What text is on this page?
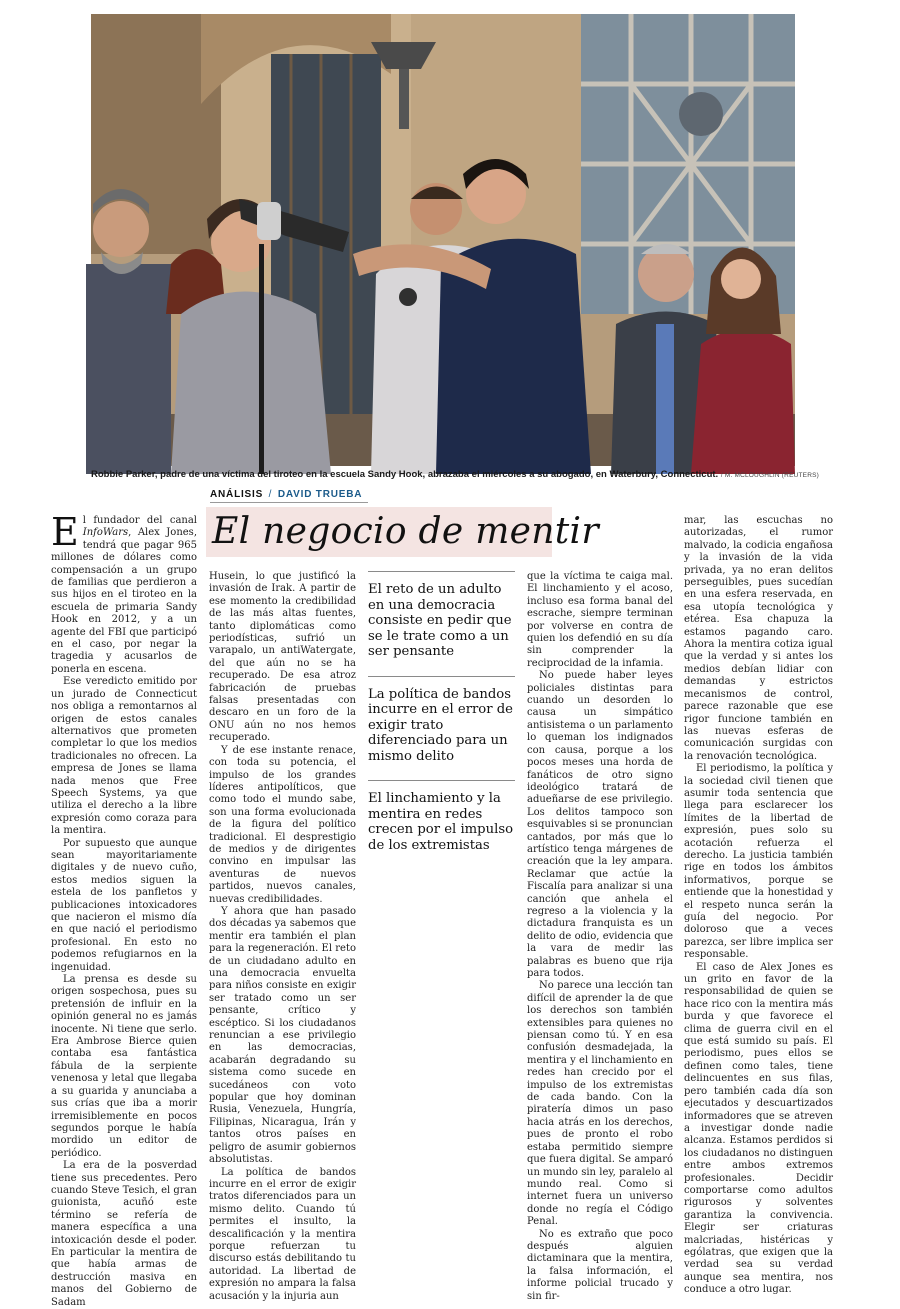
Robbie Parker, padre de una víctima del tiroteo en la escuela Sandy Hook, abrazaba el miércoles a su abogado, en Waterbury, Connecticut. / M. MCLOUGHLIN (REUTERS)
ANÁLISIS / DAVID TRUEBA
El negocio de mentir

El fundador del canal InfoWars, Alex Jones, tendrá que pagar 965 millones de dólares como compensación a un grupo de familias que perdieron a sus hijos en el tiroteo en la escuela de primaria Sandy Hook en 2012, y a un agente del FBI que participó en el caso, por negar la tragedia y acusarlos de ponerla en escena.

Ese veredicto emitido por un jurado de Connecticut nos obliga a remontarnos al origen de estos canales alternativos que prometen completar lo que los medios tradicionales no ofrecen. La empresa de Jones se llama nada menos que Free Speech Systems, ya que utiliza el derecho a la libre expresión como coraza para la mentira.

Por supuesto que aunque sean mayoritariamente digitales y de nuevo cuño, estos medios siguen la estela de los panfletos y publicaciones intoxicadores que nacieron el mismo día en que nació el periodismo profesional. En esto no podemos refugiarnos en la ingenuidad.

La prensa es desde su origen sospechosa, pues su pretensión de influir en la opinión general no es jamás inocente. Ni tiene que serlo. Era Ambrose Bierce quien contaba esa fantástica fábula de la serpiente venenosa y letal que llegaba a su guarida y anunciaba a sus crías que iba a morir irremisiblemente en pocos segundos porque le había mordido un editor de periódico.

La era de la posverdad tiene sus precedentes. Pero cuando Steve Tesich, el gran guionista, acuñó este término se refería de manera específica a una intoxicación desde el poder. En particular la mentira de que había armas de destrucción masiva en manos del Gobierno de Sadam

Husein, lo que justificó la invasión de Irak. A partir de ese momento la credibilidad de las más altas fuentes, tanto diplomáticas como periodísticas, sufrió un varapalo, un antiWatergate, del que aún no se ha recuperado. De esa atroz fabricación de pruebas falsas presentadas con descaro en un foro de la ONU aún no nos hemos recuperado.

Y de ese instante renace, con toda su potencia, el impulso de los grandes líderes antipolíticos, que como todo el mundo sabe, son una forma evolucionada de la figura del político tradicional. El desprestigio de medios y de dirigentes convino en impulsar las aventuras de nuevos partidos, nuevos canales, nuevas credibilidades.

Y ahora que han pasado dos décadas ya sabemos que mentir era también el plan para la regeneración. El reto de un ciudadano adulto en una democracia envuelta para niños consiste en exigir ser tratado como un ser pensante, crítico y escéptico. Si los ciudadanos renuncian a ese privilegio en las democracias, acabarán degradando su sistema como sucede en sucedáneos con voto popular que hoy dominan Rusia, Venezuela, Hungría, Filipinas, Nicaragua, Irán y tantos otros países en peligro de asumir gobiernos absolutistas.

La política de bandos incurre en el error de exigir tratos diferenciados para un mismo delito. Cuando tú permites el insulto, la descalificación y la mentira porque refuerzan tu discurso estás debilitando tu autoridad. La libertad de expresión no ampara la falsa acusación y la injuria aun

El reto de un adulto en una democracia consiste en pedir que se le trate como a un ser pensante
La política de bandos incurre en el error de exigir trato diferenciado para un mismo delito
El linchamiento y la mentira en redes crecen por el impulso de los extremistas

que la víctima te caiga mal. El linchamiento y el acoso, incluso esa forma banal del escrache, siempre terminan por volverse en contra de quien los defendió en su día sin comprender la reciprocidad de la infamia.

No puede haber leyes policiales distintas para cuando un desorden lo causa un simpático antisistema o un parlamento lo queman los indignados con causa, porque a los pocos meses una horda de fanáticos de otro signo ideológico tratará de adueñarse de ese privilegio. Los delitos tampoco son esquivables si se pronuncian cantados, por más que lo artístico tenga márgenes de creación que la ley ampara. Reclamar que actúe la Fiscalía para analizar si una canción que anhela el regreso a la violencia y la dictadura franquista es un delito de odio, evidencia que la vara de medir las palabras es bueno que rija para todos.

No parece una lección tan difícil de aprender la de que los derechos son también extensibles para quienes no piensan como tú. Y en esa confusión desmadejada, la mentira y el linchamiento en redes han crecido por el impulso de los extremistas de cada bando. Con la piratería dimos un paso hacia atrás en los derechos, pues de pronto el robo estaba permitido siempre que fuera digital. Se amparó un mundo sin ley, paralelo al mundo real. Como si internet fuera un universo donde no regía el Código Penal.

No es extraño que poco después alguien dictaminara que la mentira, la falsa información, el informe policial trucado y sin fir-

mar, las escuchas no autorizadas, el rumor malvado, la codicia engañosa y la invasión de la vida privada, ya no eran delitos perseguibles, pues sucedían en una esfera reservada, en esa utopía tecnológica y etérea. Esa chapuza la estamos pagando caro. Ahora la mentira cotiza igual que la verdad y si antes los medios debían lidiar con demandas y estrictos mecanismos de control, parece razonable que ese rigor funcione también en las nuevas esferas de comunicación surgidas con la renovación tecnológica.

El periodismo, la política y la sociedad civil tienen que asumir toda sentencia que llega para esclarecer los límites de la libertad de expresión, pues solo su acotación refuerza el derecho. La justicia también rige en todos los ámbitos informativos, porque se entiende que la honestidad y el respeto nunca serán la guía del negocio. Por doloroso que a veces parezca, ser libre implica ser responsable.

El caso de Alex Jones es un grito en favor de la responsabilidad de quien se hace rico con la mentira más burda y que favorece el clima de guerra civil en el que está sumido su país. El periodismo, pues ellos se definen como tales, tiene delincuentes en sus filas, pero también cada día son ejecutados y descuartizados informadores que se atreven a investigar donde nadie alcanza. Estamos perdidos si los ciudadanos no distinguen entre ambos extremos profesionales. Decidir comportarse como adultos rigurosos y solventes garantiza la convivencia. Elegir ser criaturas malcriadas, histéricas y ególatras, que exigen que la verdad sea su verdad aunque sea mentira, nos conduce a otro lugar.
